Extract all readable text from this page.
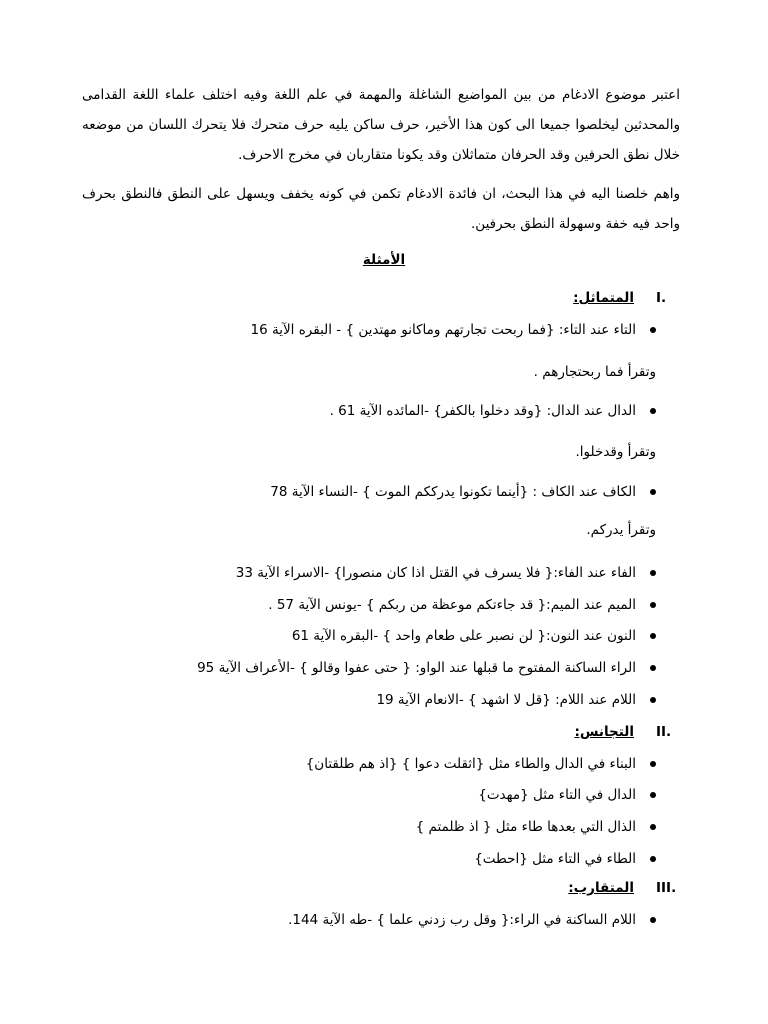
اعتبر موضوع الادغام من بين المواضيع الشاغلة والمهمة في علم اللغة وفيه اختلف علماء اللغة القدامى والمحدثين ليخلصوا جميعا الى كون هذا الأخير، حرف ساكن يليه حرف متحرك فلا يتحرك اللسان من موضعه خلال نطق الحرفين وقد الحرفان متماثلان وقد يكونا متقاربان في مخرج الاحرف.

واهم خلصنا اليه في هذا البحث، ان فائدة الادغام تكمن في كونه يخفف ويسهل على النطق فالنطق بحرف واحد فيه خفة وسهولة النطق بحرفين.

الأمثلة

I.المتماثل:

التاء عند التاء: {فما ربحت تجارتهم وماكانو مهتدين } - البقره الآية 16

وتقرأ فما ربحتجارهم .

الدال عند الدال: {وقد دخلوا بالكفر} -المائده الآية 61 .

وتقرأ وقدخلوا.

الكاف عند الكاف : {أينما تكونوا يدرككم الموت } -النساء الآية 78

وتقرأ يدركم.

الفاء عند الفاء:{ فلا يسرف في القتل اذا كان منصورا} -الاسراء الآية 33

الميم عند الميم:{ قد جاءتكم موعظة من ربكم } -يونس الآية 57 .

النون عند النون:{ لن نصبر على طعام واحد } -البقره الآية 61

الراء الساكنة المفتوح ما قبلها عند الواو: { حتى عفوا وقالو } -الأعراف الآية 95

اللام عند اللام: {قل لا اشهد } -الانعام الآية 19

II.التجانس:

البناء في الدال والطاء مثل {اثقلت دعوا } {اذ هم طلقتان}

الدال في التاء مثل {مهدت}

الذال التي بعدها طاء مثل { اذ ظلمتم }

الطاء في التاء مثل {احطت}

III.المتقارب:

اللام الساكنة في الراء:{ وقل رب زدني علما } -طه الآية 144.
